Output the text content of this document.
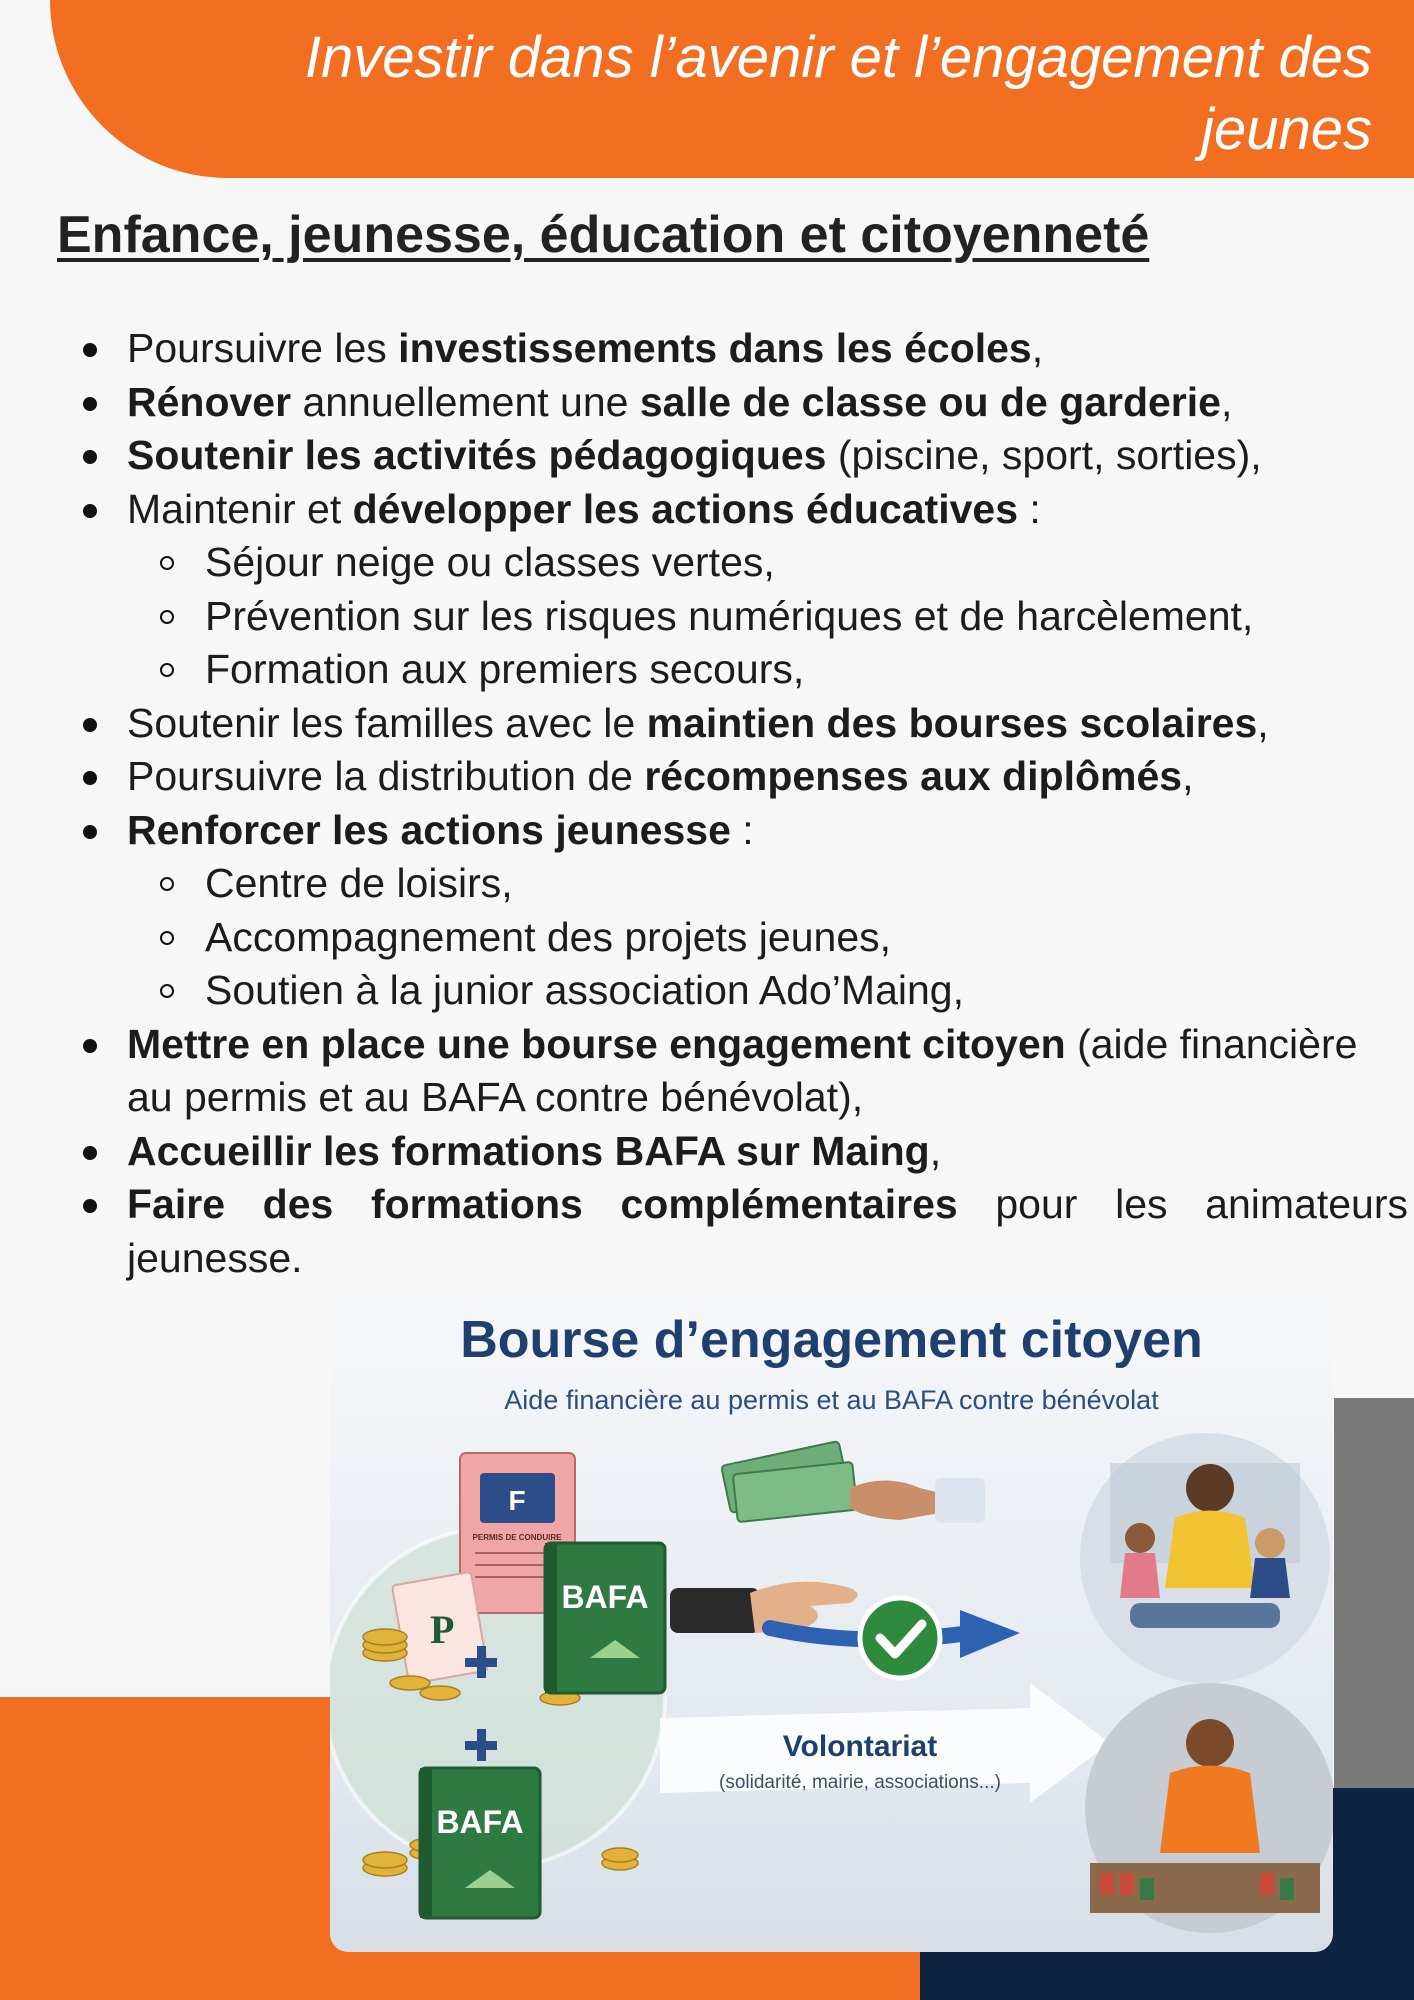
Investir dans l’avenir et l’engagement des jeunes
Enfance, jeunesse, éducation et citoyenneté
Poursuivre les investissements dans les écoles,
Rénover annuellement une salle de classe ou de garderie,
Soutenir les activités pédagogiques (piscine, sport, sorties),
Maintenir et développer les actions éducatives :
Séjour neige ou classes vertes,
Prévention sur les risques numériques et de harcèlement,
Formation aux premiers secours,
Soutenir les familles avec le maintien des bourses scolaires,
Poursuivre la distribution de récompenses aux diplômés,
Renforcer les actions jeunesse :
Centre de loisirs,
Accompagnement des projets jeunes,
Soutien à la junior association Ado’Maing,
Mettre en place une bourse engagement citoyen (aide financière au permis et au BAFA contre bénévolat),
Accueillir les formations BAFA sur Maing,
Faire des formations complémentaires pour les animateurs jeunesse.
F
PERMIS DE CONDUIRE
P
BAFA
BAFA
Bourse d’engagement citoyen
Aide financière au permis et au BAFA contre bénévolat
Volontariat
(solidarité, mairie, associations...)
